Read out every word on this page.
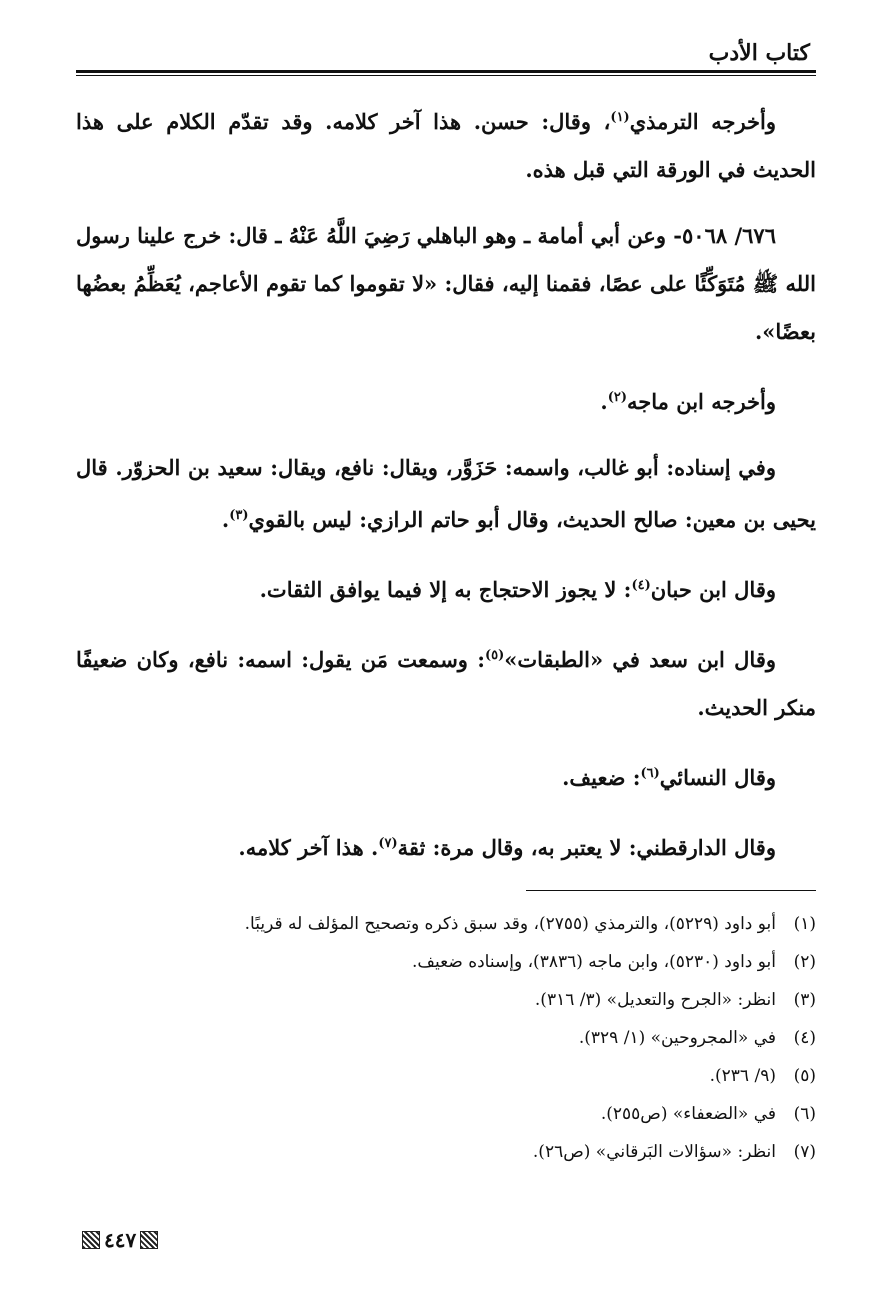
كتاب الأدب

وأخرجه الترمذي$^{(١)}$، وقال: حسن. هذا آخر كلامه. وقد تقدّم الكلام على هذا الحديث في الورقة التي قبل هذه.

٦٧٦/ ٥٠٦٨- وعن أبي أمامة ـ وهو الباهلي رَضِيَ اللَّهُ عَنْهُ ـ قال: خرج علينا رسول الله ﷺ مُتَوَكِّئًا على عصًا، فقمنا إليه، فقال: «لا تقوموا كما تقوم الأعاجم، يُعَظِّمُ بعضُها بعضًا».

وأخرجه ابن ماجه$^{(٢)}$.

وفي إسناده: أبو غالب، واسمه: حَزَوَّر، ويقال: نافع، ويقال: سعيد بن الحزوّر. قال يحيى بن معين: صالح الحديث، وقال أبو حاتم الرازي: ليس بالقوي$^{(٣)}$.

وقال ابن حبان$^{(٤)}$: لا يجوز الاحتجاج به إلا فيما يوافق الثقات.

وقال ابن سعد في «الطبقات»$^{(٥)}$: وسمعت مَن يقول: اسمه: نافع، وكان ضعيفًا منكر الحديث.

وقال النسائي$^{(٦)}$: ضعيف.

وقال الدارقطني: لا يعتبر به، وقال مرة: ثقة$^{(٧)}$. هذا آخر كلامه.

(١)أبو داود (٥٢٢٩)، والترمذي (٢٧٥٥)، وقد سبق ذكره وتصحيح المؤلف له قريبًا.
(٢)أبو داود (٥٢٣٠)، وابن ماجه (٣٨٣٦)، وإسناده ضعيف.
(٣)انظر: «الجرح والتعديل» (٣/ ٣١٦).
(٤)في «المجروحين» (١/ ٣٢٩).
(٥)(٩/ ٢٣٦).
(٦)في «الضعفاء» (ص٢٥٥).
(٧)انظر: «سؤالات البَرقاني» (ص٢٦).
٤٤٧
